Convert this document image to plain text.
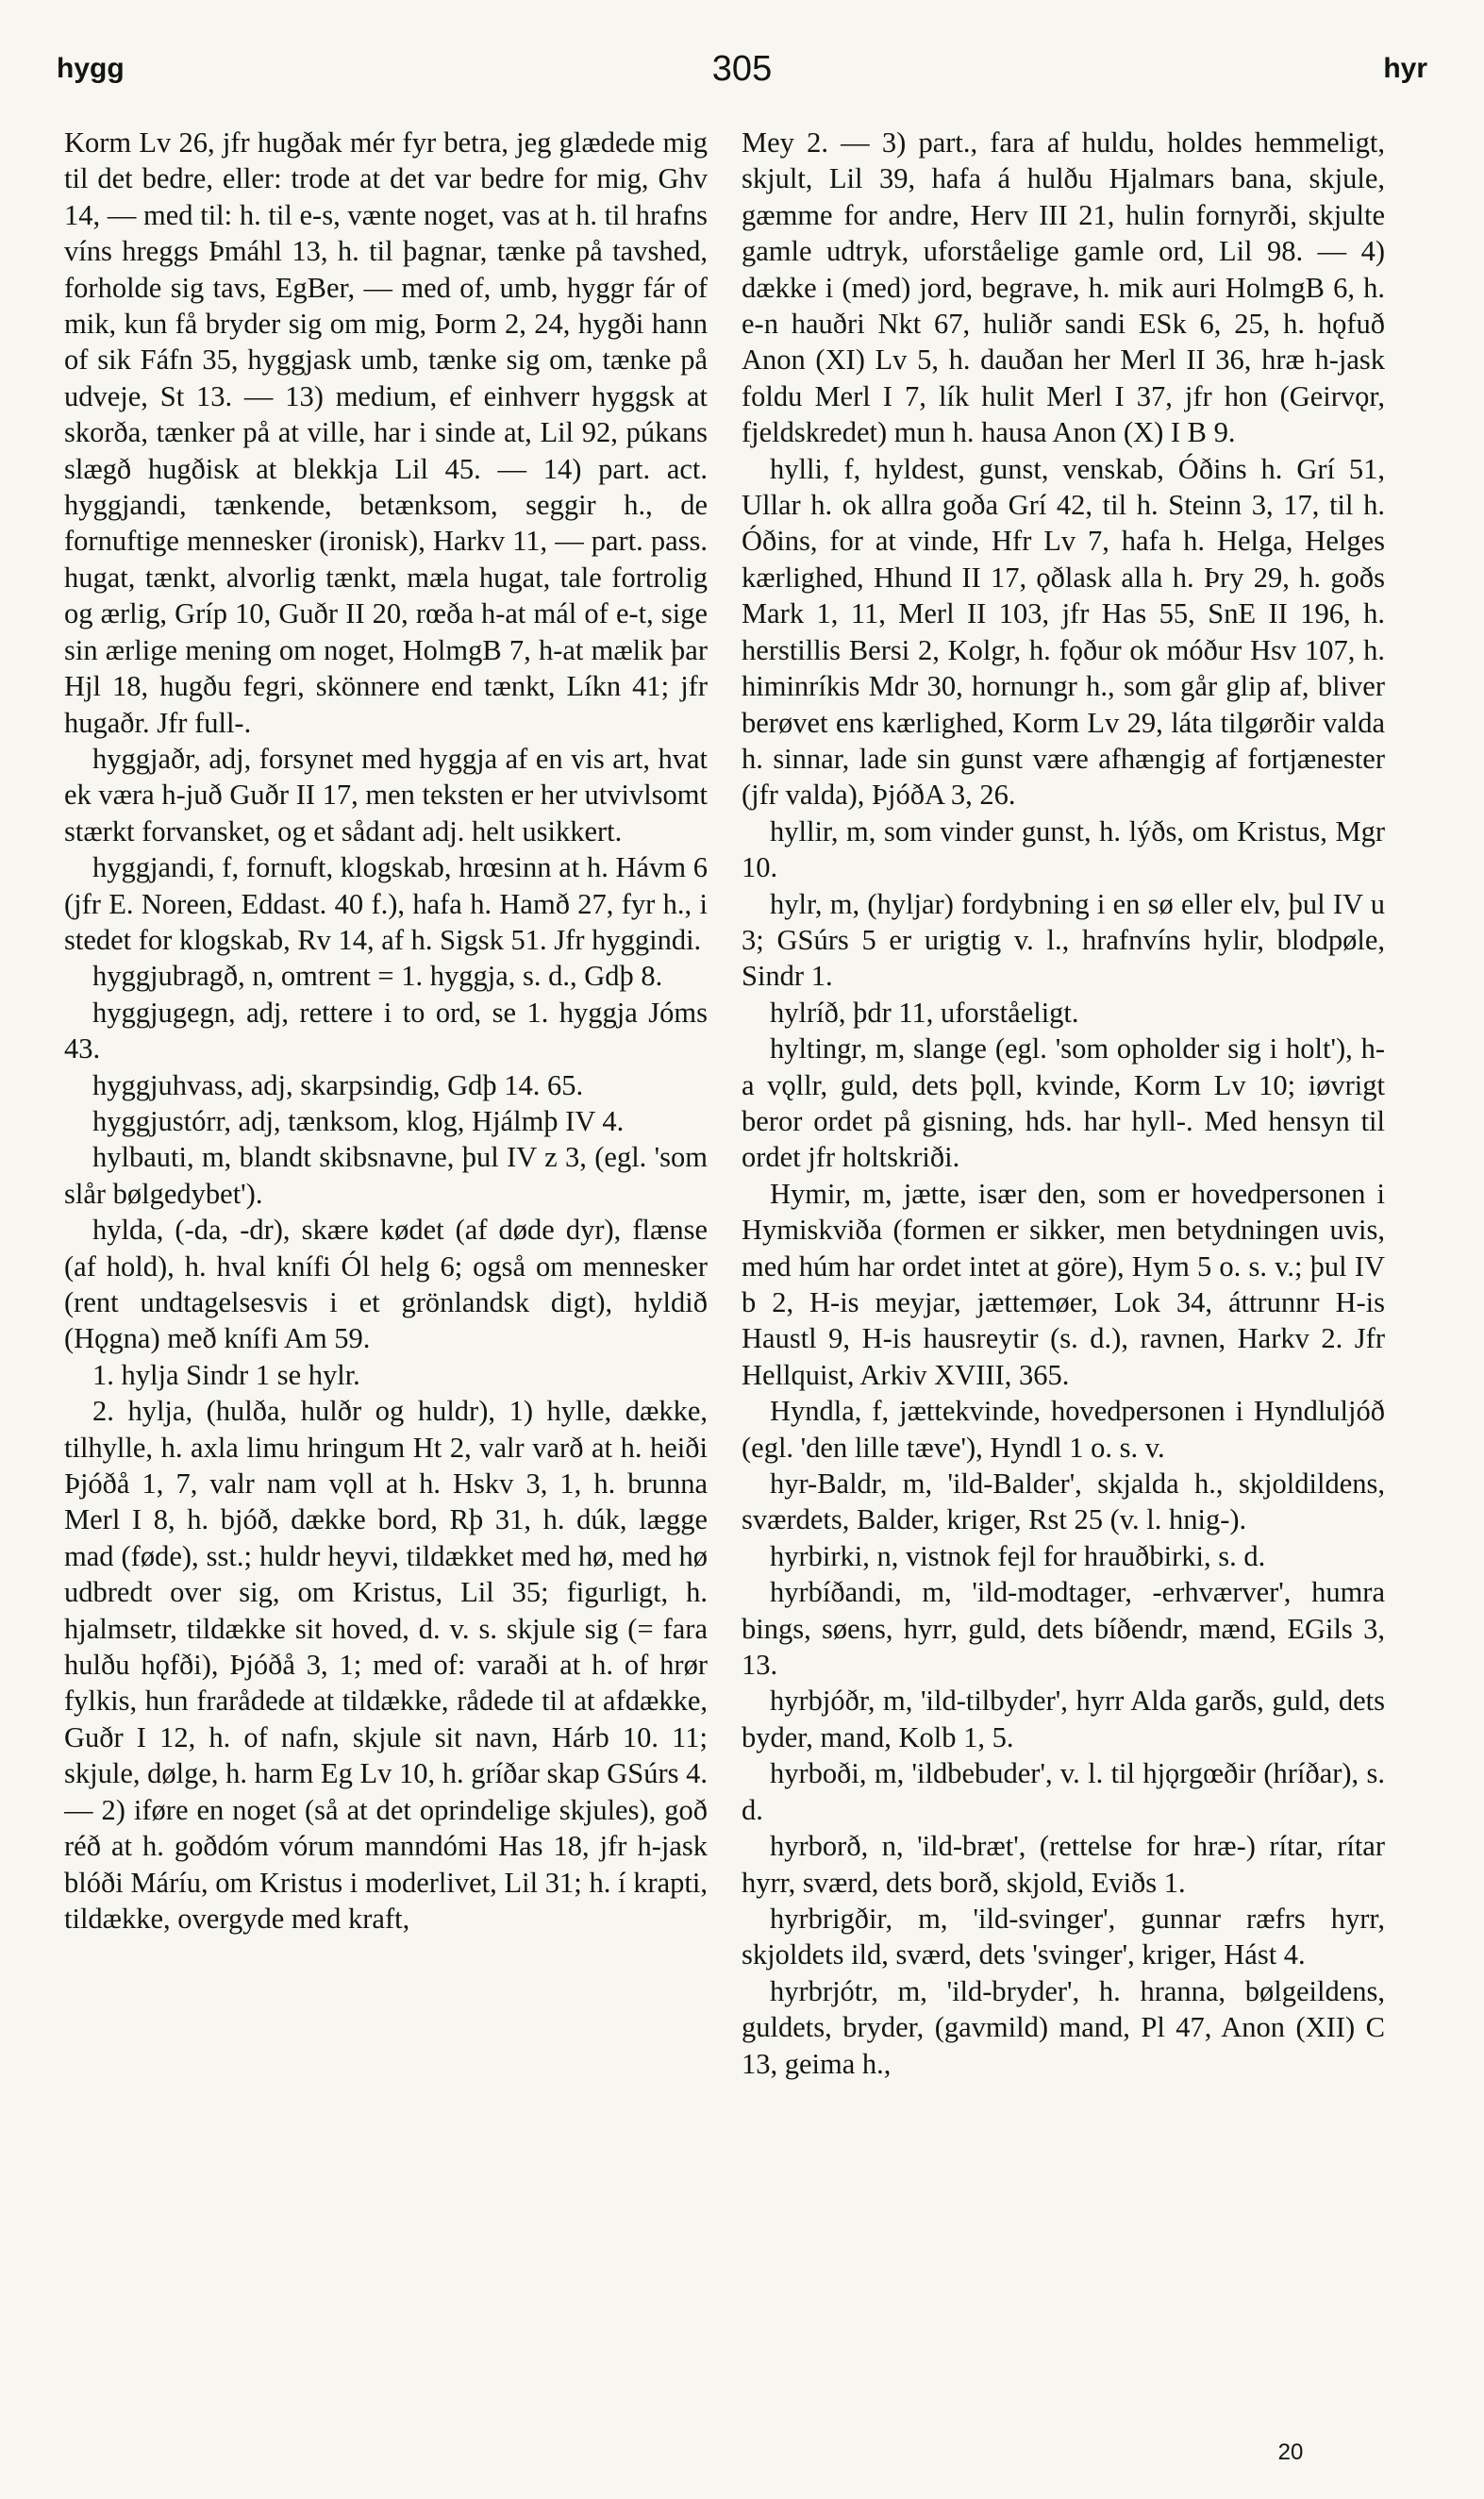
hygg	305	hyr

Korm Lv 26, jfr hugðak mér fyr betra, jeg glædede mig til det bedre, eller: trode at det var bedre for mig, Ghv 14, — med til: h. til e-s, vænte noget, vas at h. til hrafns víns hreggs Þmáhl 13, h. til þagnar, tænke på tavshed, forholde sig tavs, EgBer, — med of, umb, hyggr fár of mik, kun få bryder sig om mig, Þorm 2, 24, hygði hann of sik Fáfn 35, hyggjask umb, tænke sig om, tænke på udveje, St 13. — 13) medium, ef einhverr hyggsk at skorða, tænker på at ville, har i sinde at, Lil 92, púkans slægð hugðisk at blekkja Lil 45. — 14) part. act. hyggjandi, tænkende, betænksom, seggir h., de fornuftige mennesker (ironisk), Harkv 11, — part. pass. hugat, tænkt, alvorlig tænkt, mæla hugat, tale fortrolig og ærlig, Gríp 10, Guðr II 20, rœða h-at mál of e-t, sige sin ærlige mening om noget, HolmgB 7, h-at mælik þar Hjl 18, hugðu fegri, skönnere end tænkt, Líkn 41; jfr hugaðr. Jfr full-.

hyggjaðr, adj, forsynet med hyggja af en vis art, hvat ek væra h-juð Guðr II 17, men teksten er her utvivlsomt stærkt forvansket, og et sådant adj. helt usikkert.

hyggjandi, f, fornuft, klogskab, hrœsinn at h. Hávm 6 (jfr E. Noreen, Eddast. 40 f.), hafa h. Hamð 27, fyr h., i stedet for klogskab, Rv 14, af h. Sigsk 51. Jfr hyggindi.

hyggjubragð, n, omtrent = 1. hyggja, s. d., Gdþ 8.

hyggjugegn, adj, rettere i to ord, se 1. hyggja Jóms 43.

hyggjuhvass, adj, skarpsindig, Gdþ 14. 65.

hyggjustórr, adj, tænksom, klog, Hjálmþ IV 4.

hylbauti, m, blandt skibsnavne, þul IV z 3, (egl. 'som slår bølgedybet').

hylda, (-da, -dr), skære kødet (af døde dyr), flænse (af hold), h. hval knífi Ól helg 6; også om mennesker (rent undtagelsesvis i et grönlandsk digt), hyldið (Hǫgna) með knífi Am 59.

1. hylja Sindr 1 se hylr.

2. hylja, (hulða, hulðr og huldr), 1) hylle, dække, tilhylle, h. axla limu hringum Ht 2, valr varð at h. heiði Þjóðå 1, 7, valr nam vǫll at h. Hskv 3, 1, h. brunna Merl I 8, h. bjóð, dække bord, Rþ 31, h. dúk, lægge mad (føde), sst.; huldr heyvi, tildækket med hø, med hø udbredt over sig, om Kristus, Lil 35; figurligt, h. hjalmsetr, tildække sit hoved, d. v. s. skjule sig (= fara hulðu hǫfði), Þjóðå 3, 1; med of: varaði at h. of hrør fylkis, hun frarådede at tildække, rådede til at afdække, Guðr I 12, h. of nafn, skjule sit navn, Hárb 10. 11; skjule, dølge, h. harm Eg Lv 10, h. gríðar skap GSúrs 4. — 2) iføre en noget (så at det oprindelige skjules), goð réð at h. goðdóm vórum manndómi Has 18, jfr h-jask blóði Máríu, om Kristus i moderlivet, Lil 31; h. í krapti, tildække, overgyde med kraft,

Mey 2. — 3) part., fara af huldu, holdes hemmeligt, skjult, Lil 39, hafa á hulðu Hjalmars bana, skjule, gæmme for andre, Herv III 21, hulin fornyrði, skjulte gamle udtryk, uforståelige gamle ord, Lil 98. — 4) dække i (med) jord, begrave, h. mik auri HolmgB 6, h. e-n hauðri Nkt 67, huliðr sandi ESk 6, 25, h. hǫfuð Anon (XI) Lv 5, h. dauðan her Merl II 36, hræ h-jask foldu Merl I 7, lík hulit Merl I 37, jfr hon (Geirvǫr, fjeldskredet) mun h. hausa Anon (X) I B 9.

hylli, f, hyldest, gunst, venskab, Óðins h. Grí 51, Ullar h. ok allra goða Grí 42, til h. Steinn 3, 17, til h. Óðins, for at vinde, Hfr Lv 7, hafa h. Helga, Helges kærlighed, Hhund II 17, ǫðlask alla h. Þry 29, h. goðs Mark 1, 11, Merl II 103, jfr Has 55, SnE II 196, h. herstillis Bersi 2, Kolgr, h. fǫður ok móður Hsv 107, h. himinríkis Mdr 30, hornungr h., som går glip af, bliver berøvet ens kærlighed, Korm Lv 29, láta tilgørðir valda h. sinnar, lade sin gunst være afhængig af fortjænester (jfr valda), ÞjóðA 3, 26.

hyllir, m, som vinder gunst, h. lýðs, om Kristus, Mgr 10.

hylr, m, (hyljar) fordybning i en sø eller elv, þul IV u 3; GSúrs 5 er urigtig v. l., hrafnvíns hylir, blodpøle, Sindr 1.

hylríð, þdr 11, uforståeligt.

hyltingr, m, slange (egl. 'som opholder sig i holt'), h-a vǫllr, guld, dets þǫll, kvinde, Korm Lv 10; iøvrigt beror ordet på gisning, hds. har hyll-. Med hensyn til ordet jfr holtskriði.

Hymir, m, jætte, især den, som er hovedpersonen i Hymiskviða (formen er sikker, men betydningen uvis, med húm har ordet intet at göre), Hym 5 o. s. v.; þul IV b 2, H-is meyjar, jættemøer, Lok 34, áttrunnr H-is Haustl 9, H-is hausreytir (s. d.), ravnen, Harkv 2. Jfr Hellquist, Arkiv XVIII, 365.

Hyndla, f, jættekvinde, hovedpersonen i Hyndluljóð (egl. 'den lille tæve'), Hyndl 1 o. s. v.

hyr-Baldr, m, 'ild-Balder', skjalda h., skjoldildens, sværdets, Balder, kriger, Rst 25 (v. l. hnig-).

hyrbirki, n, vistnok fejl for hrauðbirki, s. d.

hyrbíðandi, m, 'ild-modtager, -erhværver', humra bings, søens, hyrr, guld, dets bíðendr, mænd, EGils 3, 13.

hyrbjóðr, m, 'ild-tilbyder', hyrr Alda garðs, guld, dets byder, mand, Kolb 1, 5.

hyrboði, m, 'ildbebuder', v. l. til hjǫrgœðir (hríðar), s. d.

hyrborð, n, 'ild-bræt', (rettelse for hræ-) rítar, rítar hyrr, sværd, dets borð, skjold, Eviðs 1.

hyrbrigðir, m, 'ild-svinger', gunnar ræfrs hyrr, skjoldets ild, sværd, dets 'svinger', kriger, Hást 4.

hyrbrjótr, m, 'ild-bryder', h. hranna, bølgeildens, guldets, bryder, (gavmild) mand, Pl 47, Anon (XII) C 13, geima h.,

20
